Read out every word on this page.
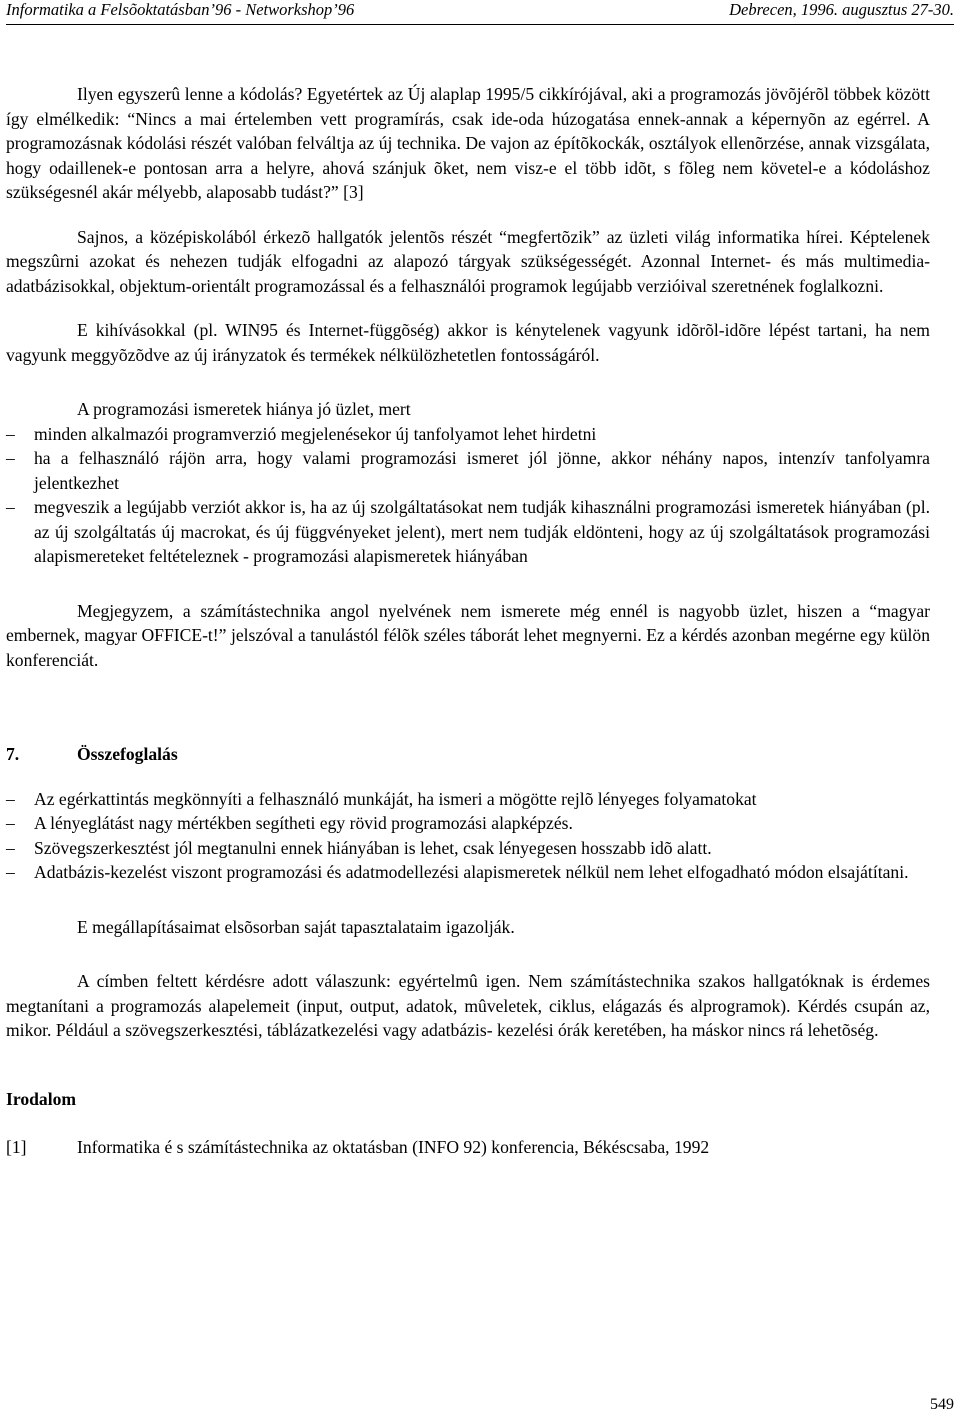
Informatika a Felsõoktatásban’96 - Networkshop’96	Debrecen, 1996. augusztus 27-30.

Ilyen egyszerû lenne a kódolás? Egyetértek az Új alaplap 1995/5 cikkírójával, aki a programozás jövõjérõl többek között így elmélkedik: “Nincs a mai értelemben vett programírás, csak ide-oda húzogatása ennek-annak a képernyõn az egérrel. A programozásnak kódolási részét valóban felváltja az új technika. De vajon az építõkockák, osztályok ellenõrzése, annak vizsgálata, hogy odaillenek-e pontosan arra a helyre, ahová szánjuk õket, nem visz-e el több idõt, s fõleg nem követel-e a kódoláshoz szükségesnél akár mélyebb, alaposabb tudást?” [3]

Sajnos, a középiskolából érkezõ hallgatók jelentõs részét “megfertõzik” az üzleti világ informatika hírei. Képtelenek megszûrni azokat és nehezen tudják elfogadni az alapozó tárgyak szükségességét. Azonnal Internet- és más multimedia-adatbázisokkal, objektum-orientált programozással és a felhasználói programok legújabb verzióival szeretnének foglalkozni.

E kihívásokkal (pl. WIN95 és Internet-függõség) akkor is kénytelenek vagyunk idõrõl-idõre lépést tartani, ha nem vagyunk meggyõzõdve az új irányzatok és termékek nélkülözhetetlen fontosságáról.

A programozási ismeretek hiánya jó üzlet, mert

– minden alkalmazói programverzió megjelenésekor új tanfolyamot lehet hirdetni
– ha a felhasználó rájön arra, hogy valami programozási ismeret jól jönne, akkor néhány napos, intenzív tanfolyamra jelentkezhet
– megveszik a legújabb verziót akkor is, ha az új szolgáltatásokat nem tudják kihasználni programozási ismeretek hiányában (pl. az új szolgáltatás új macrokat, és új függvényeket jelent), mert nem tudják eldönteni, hogy az új szolgáltatások programozási alapismereteket feltételeznek - programozási alapismeretek hiányában

Megjegyzem, a számítástechnika angol nyelvének nem ismerete még ennél is nagyobb üzlet, hiszen a “magyar embernek, magyar OFFICE-t!” jelszóval a tanulástól félõk széles táborát lehet megnyerni. Ez a kérdés azonban megérne egy külön konferenciát.

7.	Összefoglalás

– Az egérkattintás megkönnyíti a felhasználó munkáját, ha ismeri a mögötte rejlõ lényeges folyamatokat
– A lényeglátást nagy mértékben segítheti egy rövid programozási alapképzés.
– Szövegszerkesztést jól megtanulni ennek hiányában is lehet, csak lényegesen hosszabb idõ alatt.
– Adatbázis-kezelést viszont programozási és adatmodellezési alapismeretek nélkül nem lehet elfogadható módon elsajátítani.

E megállapításaimat elsõsorban saját tapasztalataim igazolják.

A címben feltett kérdésre adott válaszunk: egyértelmû igen. Nem számítástechnika szakos hallgatóknak is érdemes megtanítani a programozás alapelemeit (input, output, adatok, mûveletek, ciklus, elágazás és alprogramok). Kérdés csupán az, mikor. Például a szövegszerkesztési, táblázatkezelési vagy adatbázis- kezelési órák keretében, ha máskor nincs rá lehetõség.

Irodalom

[1]	Informatika é s számítástechnika az oktatásban (INFO 92) konferencia, Békéscsaba, 1992

549
